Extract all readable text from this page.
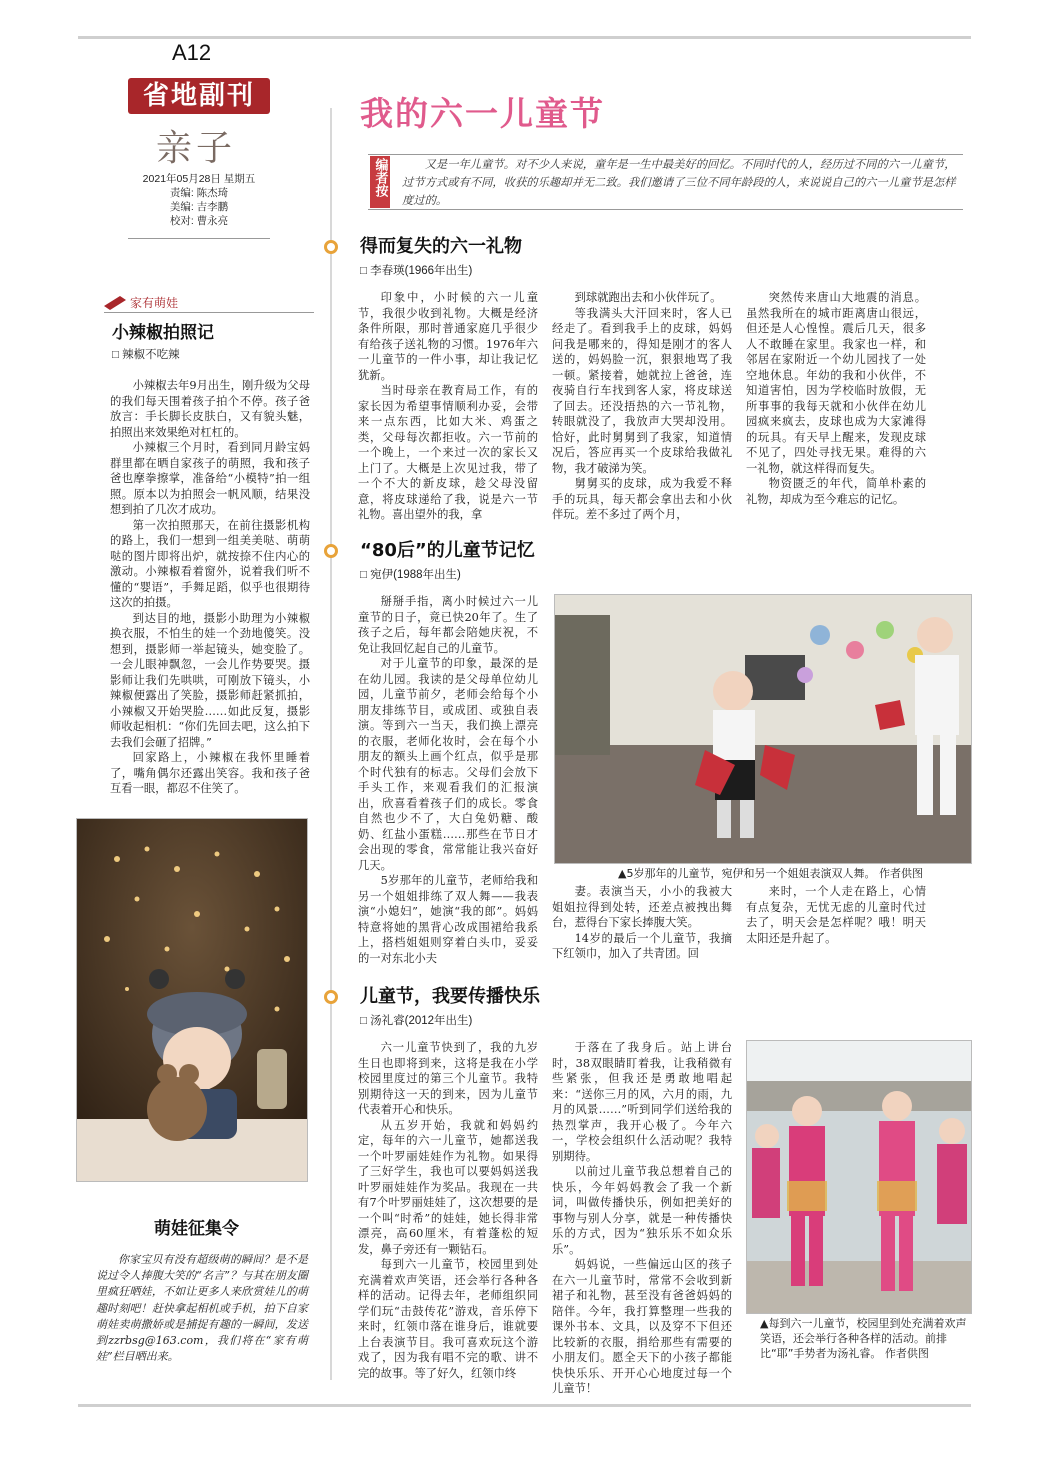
A12
省地副刊
亲子
2021年05月28日 星期五
责编: 陈杰琦
美编: 吉李鹏
校对: 曹永亮
家有萌娃
小辣椒拍照记
□ 辣椒不吃辣

小辣椒去年9月出生，刚升级为父母的我们每天围着孩子拍个不停。孩子爸放言：手长脚长皮肤白，又有貌头魅，拍照出来效果绝对杠杠的。

小辣椒三个月时，看到同月龄宝妈群里都在晒自家孩子的萌照，我和孩子爸也摩拳擦掌，准备给“小模特”拍一组照。原本以为拍照会一帆风顺，结果没想到拍了几次才成功。

第一次拍照那天，在前往摄影机构的路上，我们一想到一组美美哒、萌萌哒的图片即将出炉，就按捺不住内心的激动。小辣椒看着窗外，说着我们听不懂的“婴语”，手舞足蹈，似乎也很期待这次的拍摄。

到达目的地，摄影小助理为小辣椒换衣服，不怕生的娃一个劲地傻笑。没想到，摄影师一举起镜头，她变脸了。一会儿眼神飘忽，一会儿作势要哭。摄影师让我们先哄哄，可刚放下镜头，小辣椒便露出了笑脸，摄影师赶紧抓拍，小辣椒又开始哭脸……如此反复，摄影师收起相机：“你们先回去吧，这么拍下去我们会砸了招牌。”

回家路上，小辣椒在我怀里睡着了，嘴角偶尔还露出笑容。我和孩子爸互看一眼，都忍不住笑了。

萌娃征集令

你家宝贝有没有超级萌的瞬间？是不是说过令人捧腹大笑的“名言”？与其在朋友圈里疯狂晒娃，不如让更多人来欣赏娃儿的萌趣时刻吧！赶快拿起相机或手机，拍下自家萌娃卖萌撒娇或是捕捉有趣的一瞬间，发送到zzrbsg@163.com，我们将在“家有萌娃”栏目晒出来。

我的六一儿童节
编者按	又是一年儿童节。对不少人来说，童年是一生中最美好的回忆。不同时代的人，经历过不同的六一儿童节，过节方式或有不同，收获的乐趣却并无二致。我们邀请了三位不同年龄段的人，来说说自己的六一儿童节是怎样度过的。
得而复失的六一礼物
□ 李春瑛(1966年出生)

印象中，小时候的六一儿童节，我很少收到礼物。大概是经济条件所限，那时普通家庭几乎很少有给孩子送礼物的习惯。1976年六一儿童节的一件小事，却让我记忆犹新。

当时母亲在教育局工作，有的家长因为希望事情顺利办妥，会带来一点东西，比如大米、鸡蛋之类，父母每次都拒收。六一节前的一个晚上，一个来过一次的家长又上门了。大概是上次见过我，带了一个不大的新皮球，趁父母没留意，将皮球递给了我，说是六一节礼物。喜出望外的我，拿

到球就跑出去和小伙伴玩了。

等我满头大汗回来时，客人已经走了。看到我手上的皮球，妈妈问我是哪来的，得知是刚才的客人送的，妈妈脸一沉，狠狠地骂了我一顿。紧接着，她就拉上爸爸，连夜骑自行车找到客人家，将皮球送了回去。还没捂热的六一节礼物，转眼就没了，我放声大哭却没用。恰好，此时舅舅到了我家，知道情况后，答应再买一个皮球给我做礼物，我才破涕为笑。

舅舅买的皮球，成为我爱不释手的玩具，每天都会拿出去和小伙伴玩。差不多过了两个月，

突然传来唐山大地震的消息。虽然我所在的城市距离唐山很远，但还是人心惶惶。震后几天，很多人不敢睡在家里。我家也一样，和邻居在家附近一个幼儿园找了一处空地休息。年幼的我和小伙伴，不知道害怕，因为学校临时放假，无所事事的我每天就和小伙伴在幼儿园疯来疯去，皮球也成为大家滩得的玩具。有天早上醒来，发现皮球不见了，四处寻找无果。难得的六一礼物，就这样得而复失。

物资匮乏的年代，简单朴素的礼物，却成为至今难忘的记忆。

“80后”的儿童节记忆
□ 宛伊(1988年出生)

掰掰手指，离小时候过六一儿童节的日子，竟已快20年了。生了孩子之后，每年都会陪她庆祝，不免让我回忆起自己的儿童节。

对于儿童节的印象，最深的是在幼儿园。我读的是父母单位幼儿园，儿童节前夕，老师会给每个小朋友排练节目，或成团、或独自表演。等到六一当天，我们换上漂亮的衣服，老师化妆时，会在每个小朋友的额头上画个红点，似乎是那个时代独有的标志。父母们会放下手头工作，来观看我们的汇报演出，欣喜看着孩子们的成长。零食自然也少不了，大白兔奶糖、酸奶、红盐小蛋糕……那些在节日才会出现的零食，常常能让我兴奋好几天。

5岁那年的儿童节，老师给我和另一个姐姐排练了双人舞——我表演“小媳妇”，她演“我的郎”。妈妈特意将她的黑背心改成围裙给我系上，搭档姐姐则穿着白头巾，妥妥的一对东北小夫

▲5岁那年的儿童节，宛伊和另一个姐姐表演双人舞。 作者供图

妻。表演当天，小小的我被大姐姐拉得到处转，还差点被拽出舞台，惹得台下家长捧腹大笑。

14岁的最后一个儿童节，我摘下红领巾，加入了共青团。回

来时，一个人走在路上，心情有点复杂，无忧无虑的儿童时代过去了，明天会是怎样呢？哦！明天太阳还是升起了。

儿童节，我要传播快乐
□ 汤礼睿(2012年出生)

六一儿童节快到了，我的九岁生日也即将到来，这将是我在小学校园里度过的第三个儿童节。我特别期待这一天的到来，因为儿童节代表着开心和快乐。

从五岁开始，我就和妈妈约定，每年的六一儿童节，她都送我一个叶罗丽娃娃作为礼物。如果得了三好学生，我也可以要妈妈送我叶罗丽娃娃作为奖品。我现在一共有7个叶罗丽娃娃了，这次想要的是一个叫“时希”的娃娃，她长得非常漂亮，高60厘米，有着蓬松的短发，鼻子旁还有一颗钻石。

每到六一儿童节，校园里到处充满着欢声笑语，还会举行各种各样的活动。记得去年，老师组织同学们玩“击鼓传花”游戏，音乐停下来时，红领巾落在谁身后，谁就要上台表演节目。我可喜欢玩这个游戏了，因为我有唱不完的歌、讲不完的故事。等了好久，红领巾终

于落在了我身后。站上讲台时，38双眼睛盯着我，让我稍微有些紧张，但我还是勇敢地唱起来：“送你三月的风，六月的雨，九月的风景……”听到同学们送给我的热烈掌声，我开心极了。今年六一，学校会组织什么活动呢？我特别期待。

以前过儿童节我总想着自己的快乐，今年妈妈教会了我一个新词，叫做传播快乐，例如把美好的事物与别人分享，就是一种传播快乐的方式，因为“独乐乐不如众乐乐”。

妈妈说，一些偏远山区的孩子在六一儿童节时，常常不会收到新裙子和礼物，甚至没有爸爸妈妈的陪伴。今年，我打算整理一些我的课外书本、文具，以及穿不下但还比较新的衣服，捐给那些有需要的小朋友们。愿全天下的小孩子都能快快乐乐、开开心心地度过每一个儿童节！

▲每到六一儿童节，校园里到处充满着欢声笑语，还会举行各种各样的活动。前排比“耶”手势者为汤礼睿。 作者供图
